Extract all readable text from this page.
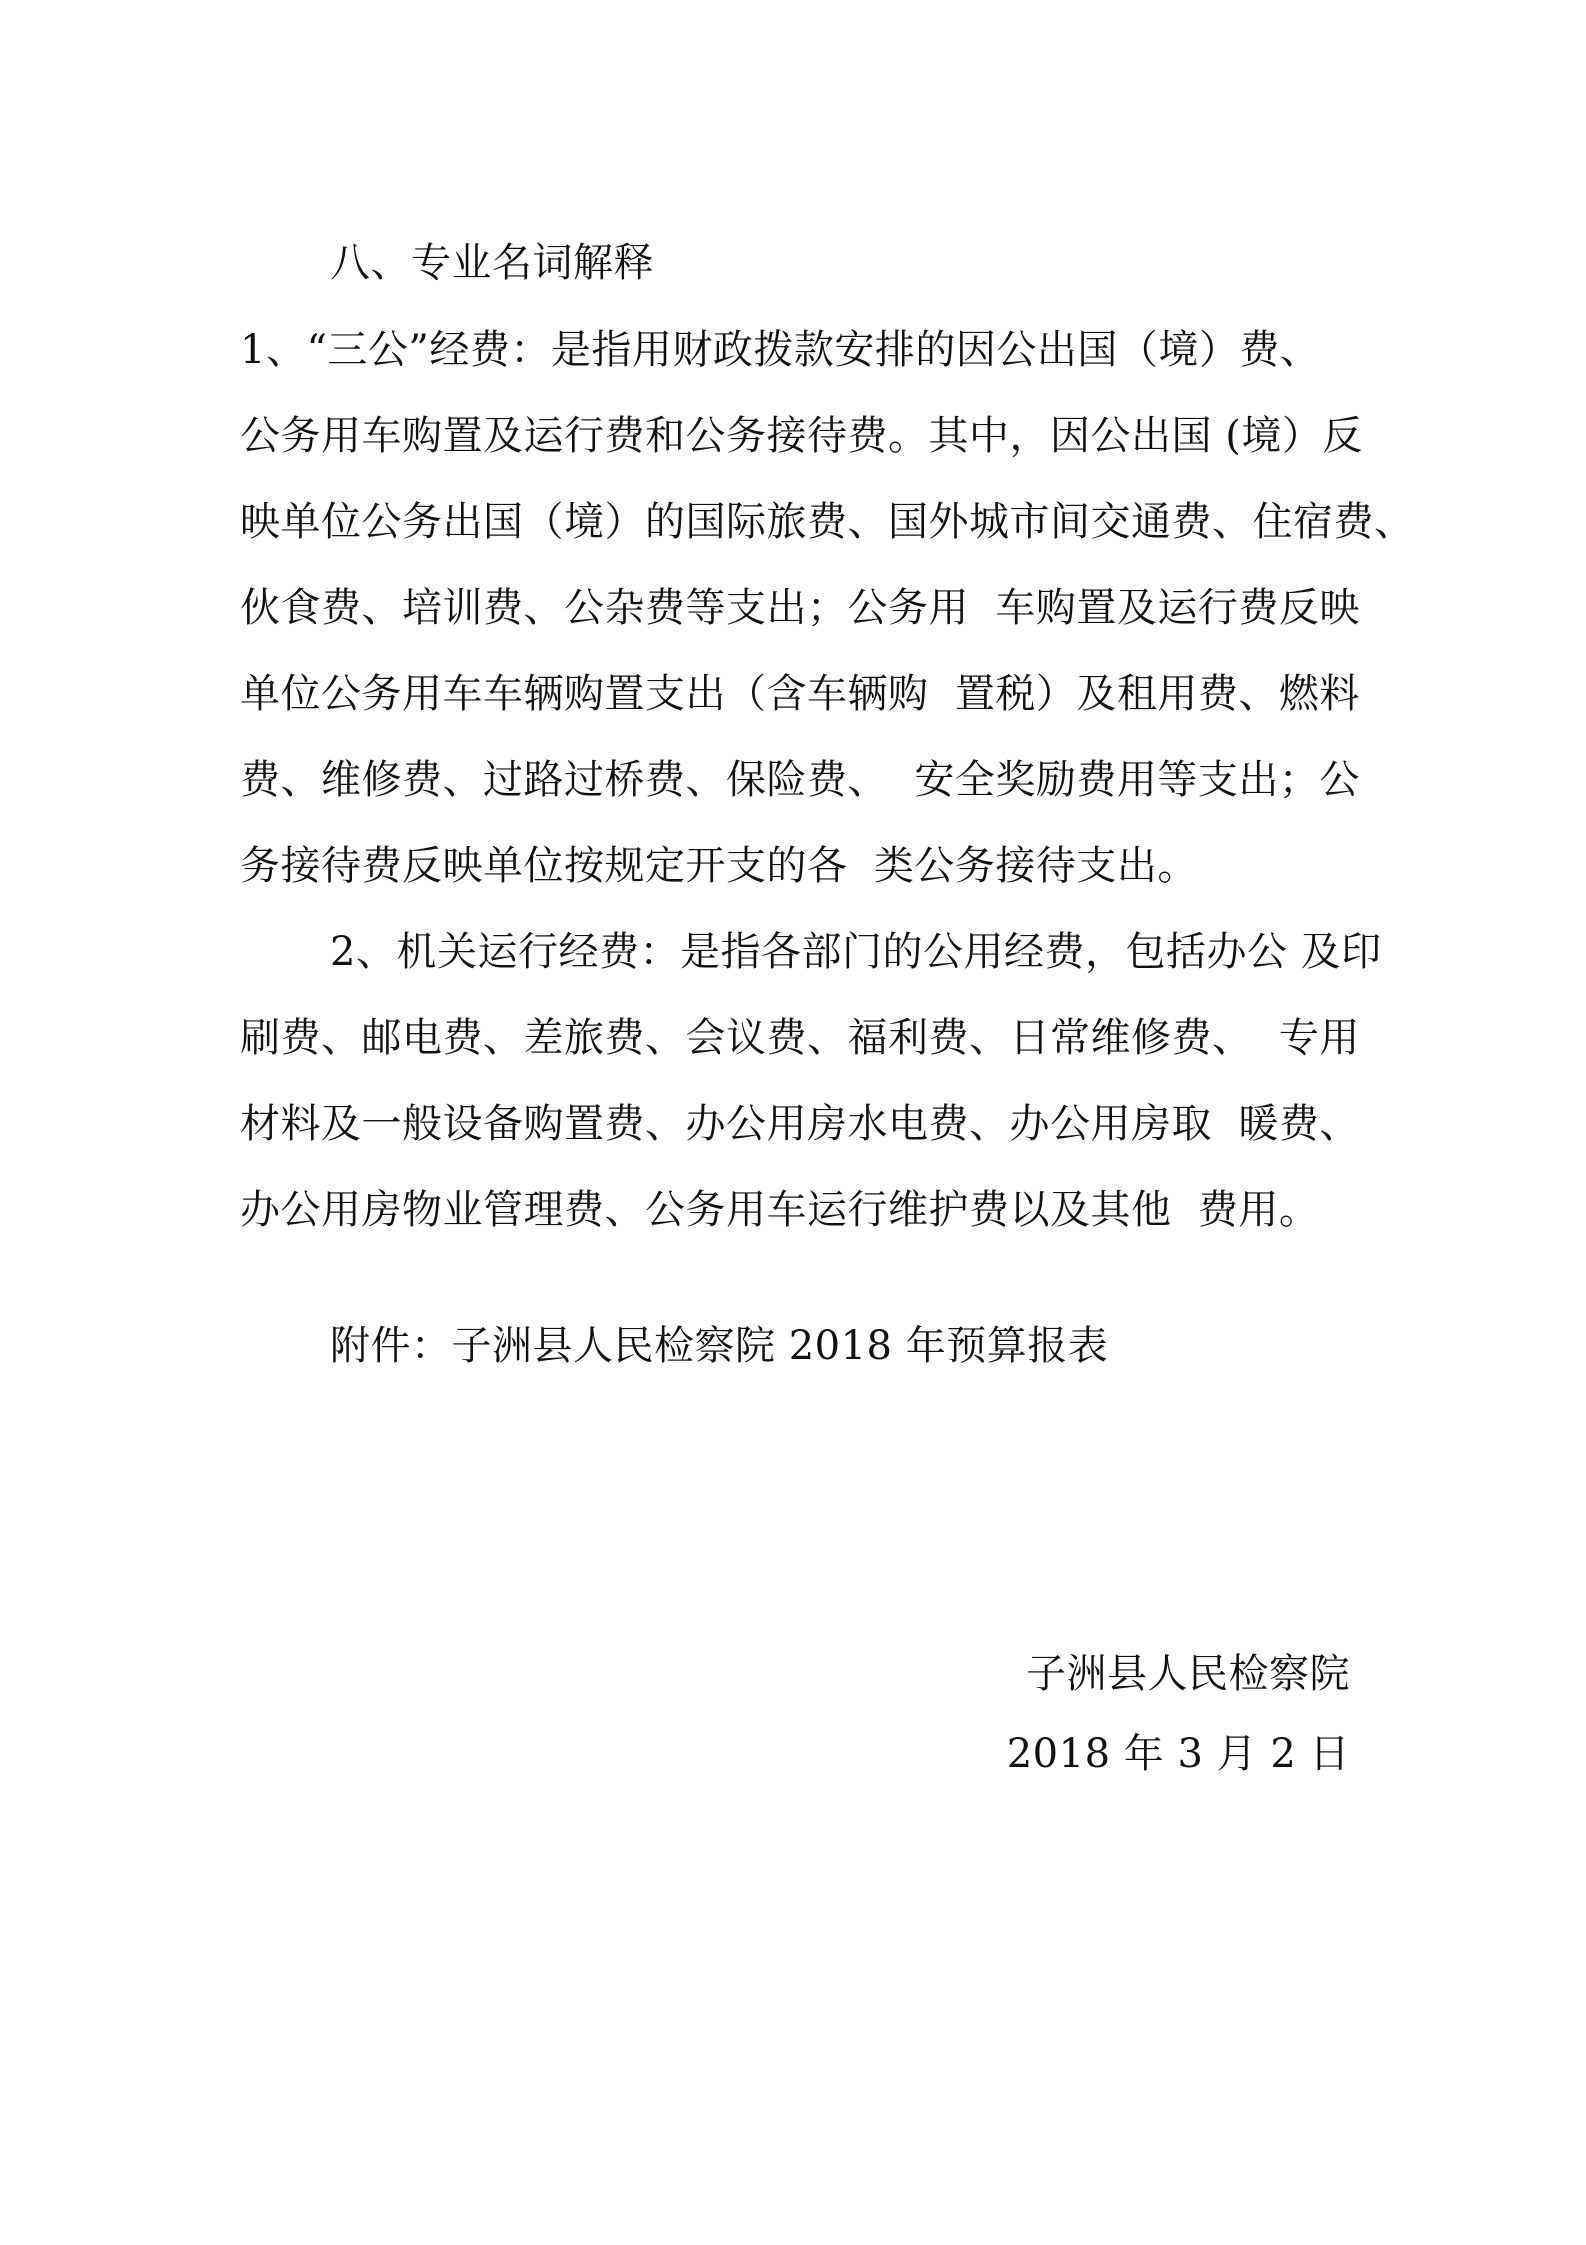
八、专业名词解释
1、“三公”经费：是指用财政拨款安排的因公出国（境）费、
公务用车购置及运行费和公务接待费。其中，因公出国 (境）反
映单位公务出国（境）的国际旅费、国外城市间交通费、住宿费、
伙食费、培训费、公杂费等支出；公务用  车购置及运行费反映
单位公务用车车辆购置支出（含车辆购  置税）及租用费、燃料
费、维修费、过路过桥费、保险费、  安全奖励费用等支出；公
务接待费反映单位按规定开支的各  类公务接待支出。
2、机关运行经费：是指各部门的公用经费，包括办公 及印
刷费、邮电费、差旅费、会议费、福利费、日常维修费、  专用
材料及一般设备购置费、办公用房水电费、办公用房取  暖费、
办公用房物业管理费、公务用车运行维护费以及其他  费用。
附件：子洲县人民检察院 2018 年预算报表
子洲县人民检察院
2018 年 3 月 2 日
